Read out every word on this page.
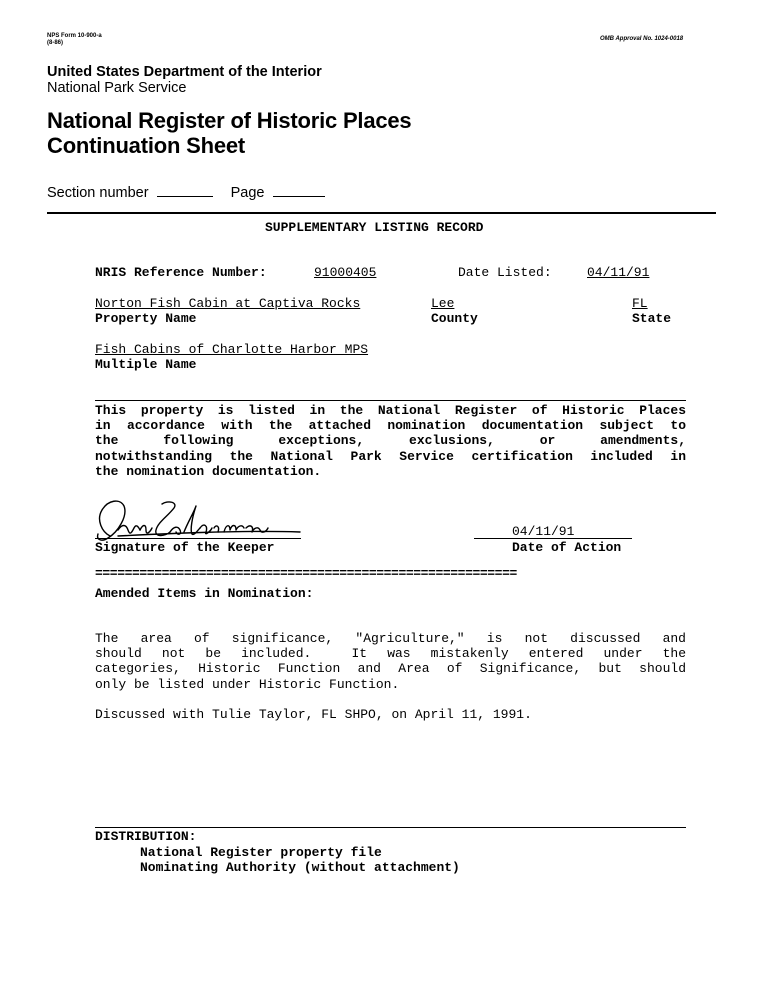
NPS Form 10-900-a
(8-86)
OMB Approval No. 1024-0018
United States Department of the Interior
National Park Service
National Register of Historic Places
Continuation Sheet
Section number	Page
SUPPLEMENTARY LISTING RECORD
NRIS Reference Number:	91000405	Date Listed:	04/11/91
Norton Fish Cabin at Captiva Rocks
Property Name
Lee
County
FL
State
Fish Cabins of Charlotte Harbor MPS
Multiple Name
This property is listed in the National Register of Historic Places
in accordance with the attached nomination documentation subject to
the following exceptions, exclusions, or amendments,
notwithstanding the National Park Service certification included in
the nomination documentation.
Signature of the Keeper
04/11/91
Date of Action
=========================================================
Amended Items in Nomination:
The area of significance, "Agriculture," is not discussed and
should not be included.  It was mistakenly entered under the
categories, Historic Function and Area of Significance, but should
only be listed under Historic Function.
Discussed with Tulie Taylor, FL SHPO, on April 11, 1991.
DISTRIBUTION:
National Register property file
Nominating Authority (without attachment)
